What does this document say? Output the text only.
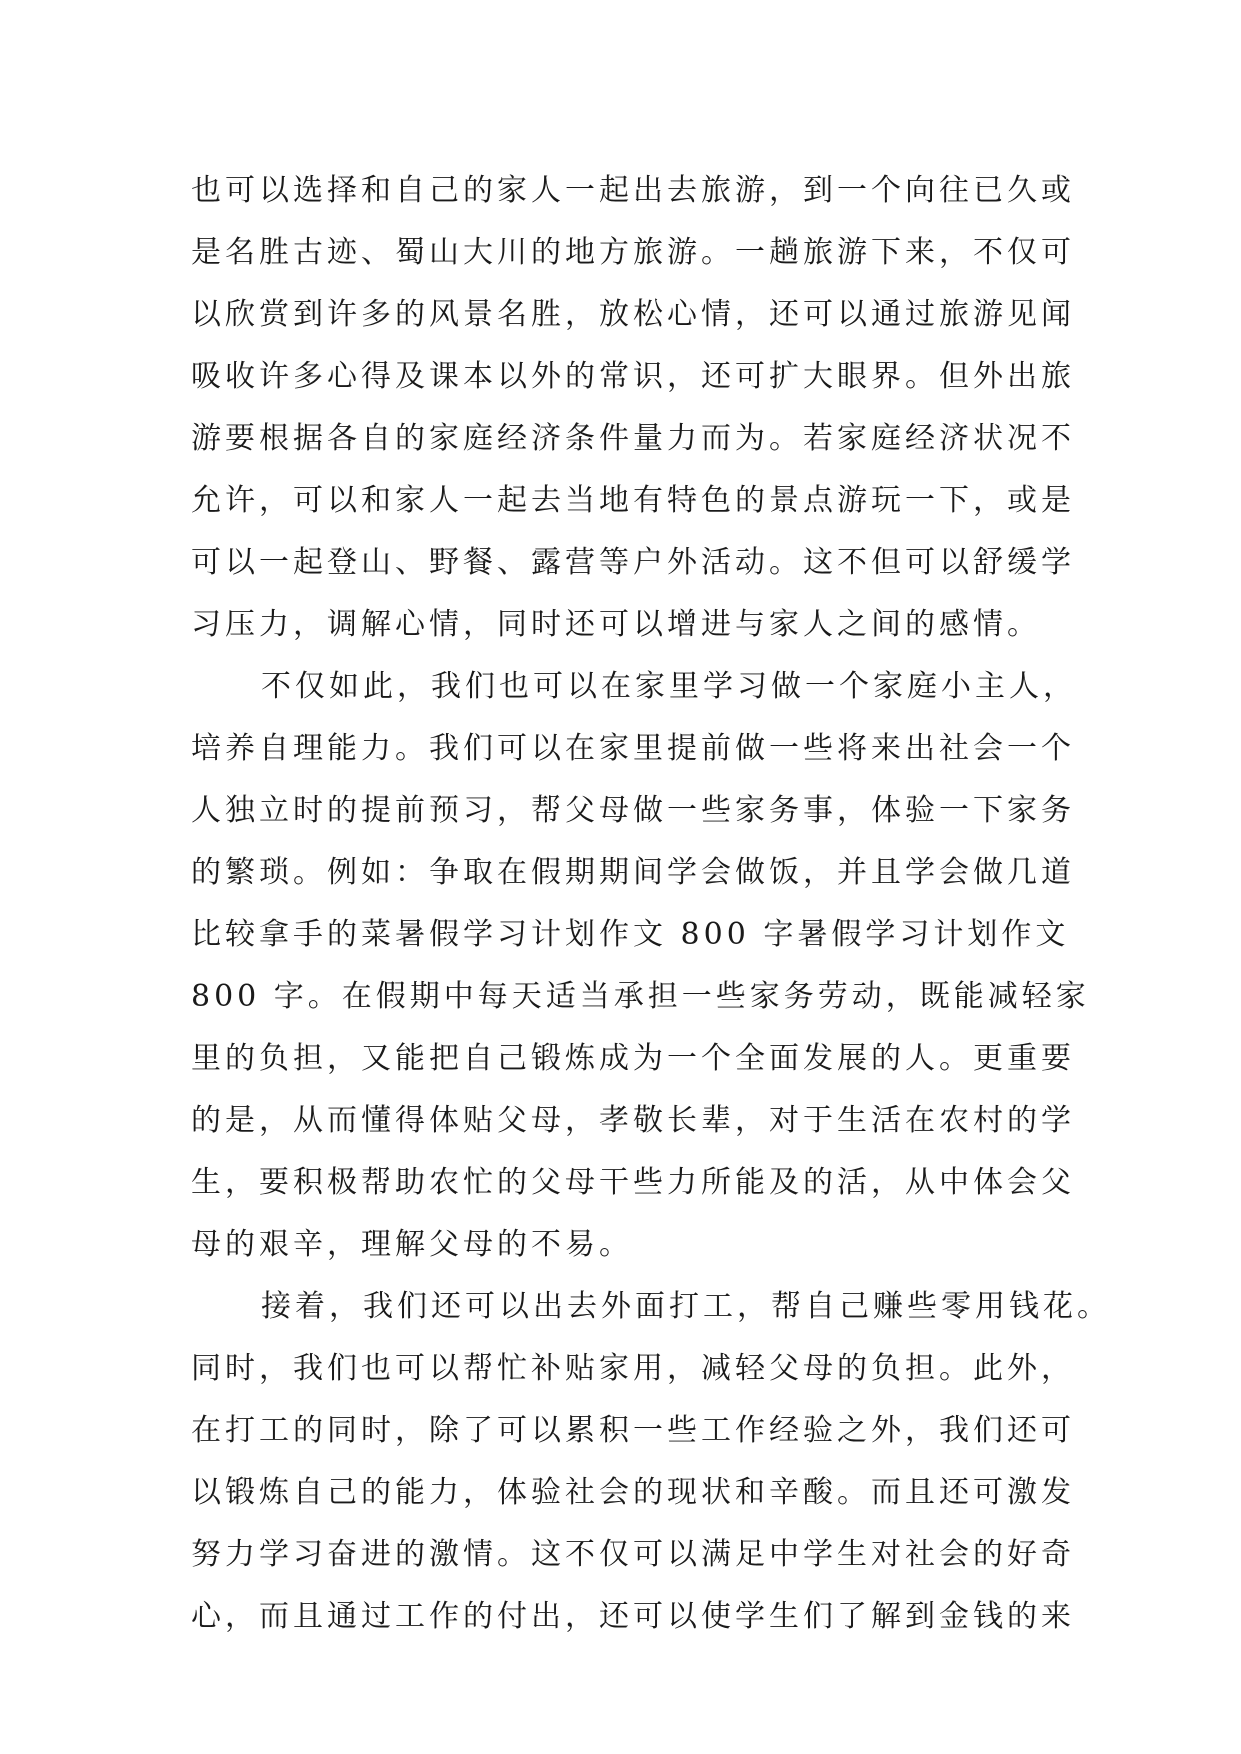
也可以选择和自己的家人一起出去旅游，到一个向往已久或
是名胜古迹、蜀山大川的地方旅游。一趟旅游下来，不仅可
以欣赏到许多的风景名胜，放松心情，还可以通过旅游见闻
吸收许多心得及课本以外的常识，还可扩大眼界。但外出旅
游要根据各自的家庭经济条件量力而为。若家庭经济状况不
允许，可以和家人一起去当地有特色的景点游玩一下，或是
可以一起登山、野餐、露营等户外活动。这不但可以舒缓学
习压力，调解心情，同时还可以增进与家人之间的感情。
不仅如此，我们也可以在家里学习做一个家庭小主人，
培养自理能力。我们可以在家里提前做一些将来出社会一个
人独立时的提前预习，帮父母做一些家务事，体验一下家务
的繁琐。例如：争取在假期期间学会做饭，并且学会做几道
比较拿手的菜暑假学习计划作文 800 字暑假学习计划作文
800 字。在假期中每天适当承担一些家务劳动，既能减轻家
里的负担，又能把自己锻炼成为一个全面发展的人。更重要
的是，从而懂得体贴父母，孝敬长辈，对于生活在农村的学
生，要积极帮助农忙的父母干些力所能及的活，从中体会父
母的艰辛，理解父母的不易。
接着，我们还可以出去外面打工，帮自己赚些零用钱花。
同时，我们也可以帮忙补贴家用，减轻父母的负担。此外，
在打工的同时，除了可以累积一些工作经验之外，我们还可
以锻炼自己的能力，体验社会的现状和辛酸。而且还可激发
努力学习奋进的激情。这不仅可以满足中学生对社会的好奇
心，而且通过工作的付出，还可以使学生们了解到金钱的来
